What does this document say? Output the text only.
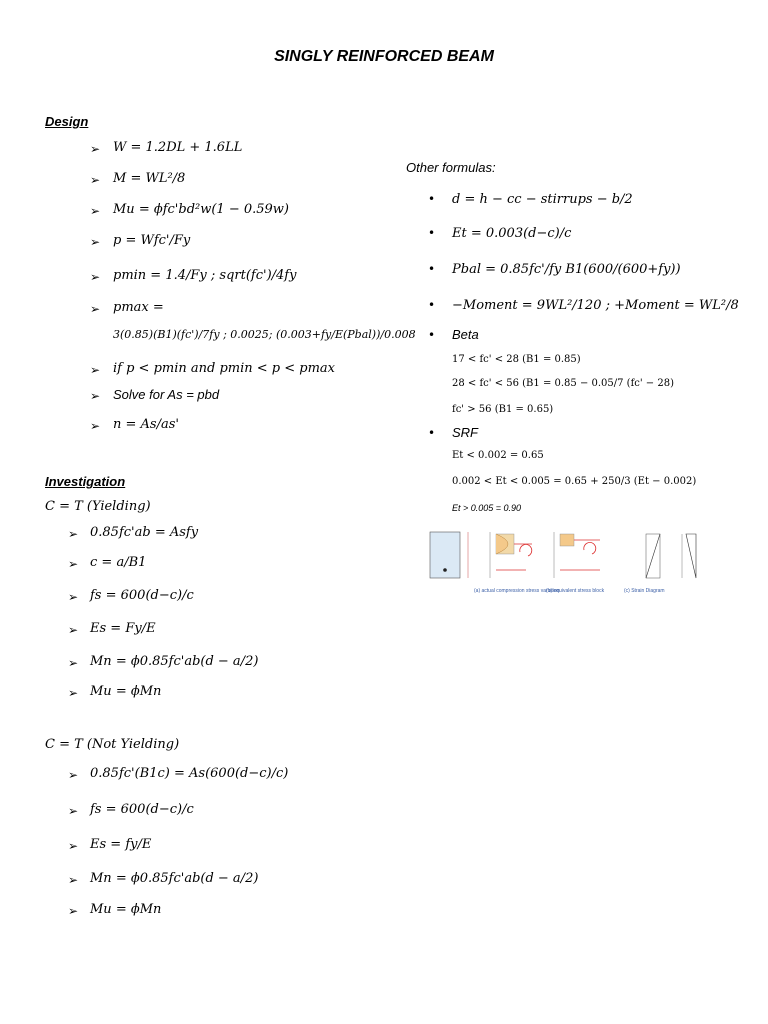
SINGLY REINFORCED BEAM
Design
➢ W = 1.2DL + 1.6LL
➢ M = WL²/8
➢ Mu = ϕfc'bd²w(1 − 0.59w)
➢ p = Wfc'/Fy
➢ pmin = 1.4/Fy ; sqrt(fc')/4fy
➢ pmax =
3(0.85)(B1)(fc')/7fy ; 0.0025; (0.003+fy/E(Pbal))/0.008
➢ if p < pmin and pmin < p < pmax
➢ Solve for As = pbd
➢ n = As/as'
Other formulas:
• d = h − cc − stirrups − b/2
• Et = 0.003(d−c)/c
• Pbal = 0.85fc'/fy B1(600/(600+fy))
• −Moment = 9WL²/120 ; +Moment = WL²/8
• Beta
17 < fc' < 28 (B1 = 0.85)
28 < fc' < 56 (B1 = 0.85 − 0.05/7 (fc' − 28)
fc' > 56 (B1 = 0.65)
• SRF
Et < 0.002 = 0.65
0.002 < Et < 0.005 = 0.65 + 250/3 (Et − 0.002)
Et > 0.005 = 0.90
(a) actual compression stress variation
(b) equivalent stress block	(c) Strain Diagram
Investigation
C = T (Yielding)
➢ 0.85fc'ab = Asfy
➢ c = a/B1
➢ fs = 600(d−c)/c
➢ Es = Fy/E
➢ Mn = ϕ0.85fc'ab(d − a/2)
➢ Mu = ϕMn
C = T (Not Yielding)
➢ 0.85fc'(B1c) = As(600(d−c)/c)
➢ fs = 600(d−c)/c
➢ Es = fy/E
➢ Mn = ϕ0.85fc'ab(d − a/2)
➢ Mu = ϕMn
